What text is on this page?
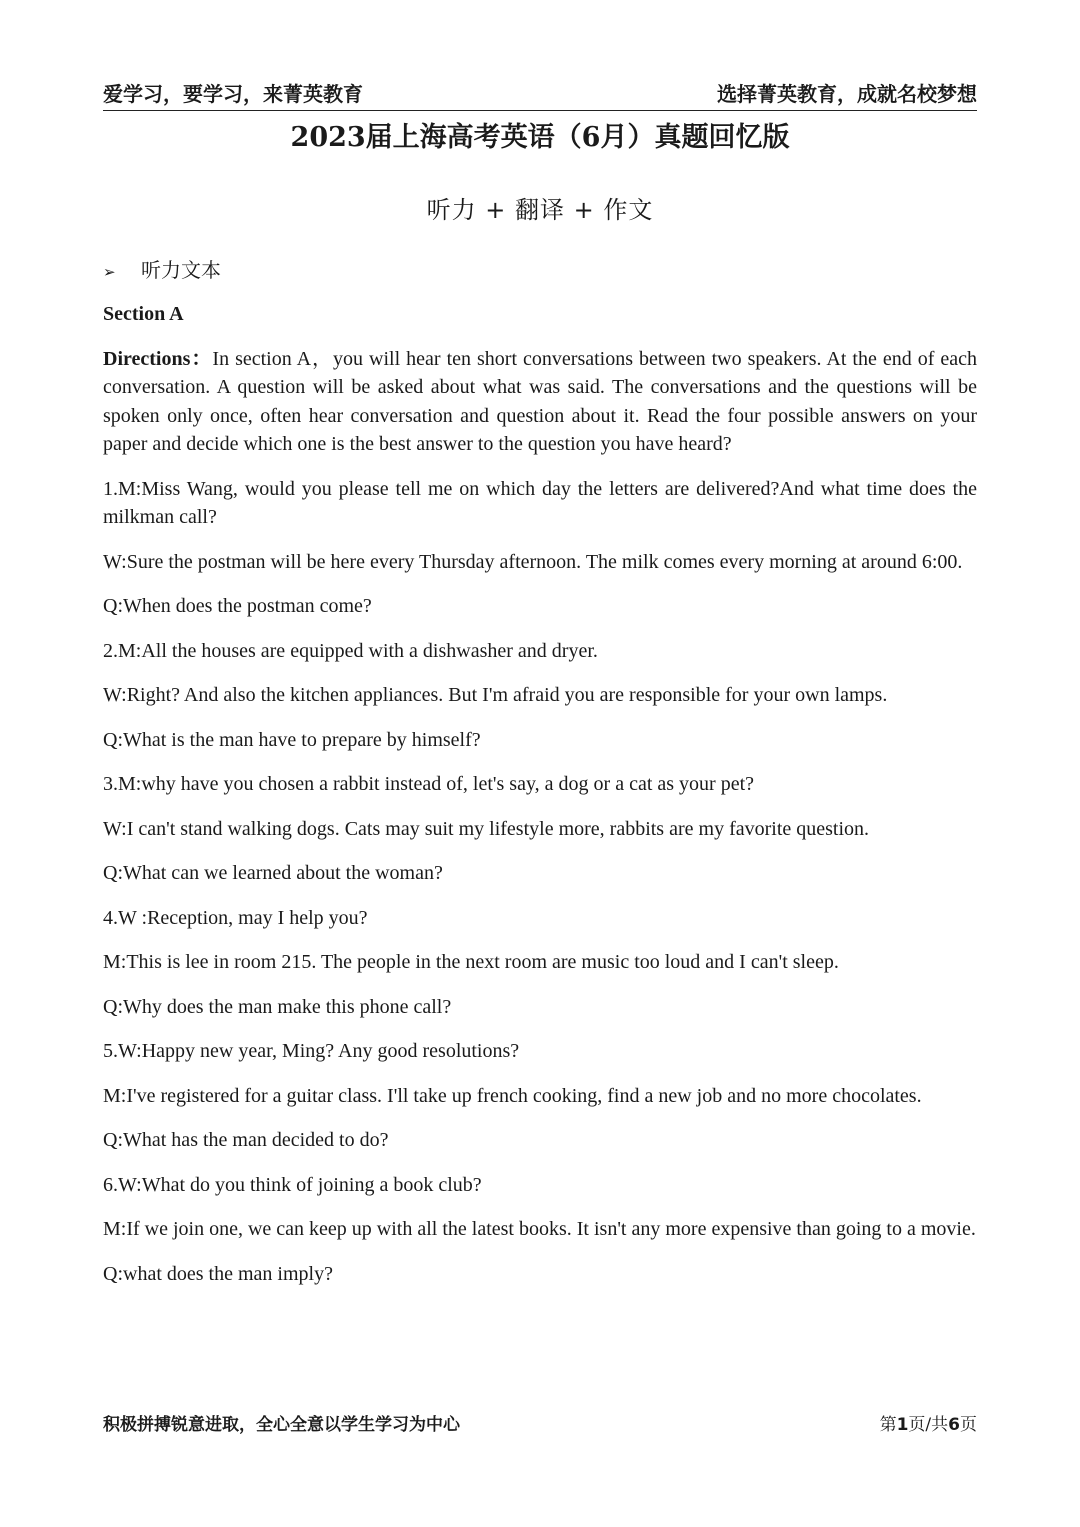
爱学习，要学习，来菁英教育	选择菁英教育，成就名校梦想
2023届上海高考英语（6月）真题回忆版
听力 + 翻译 + 作文
➢ 听力文本

Section A

Directions：In section A，you will hear ten short conversations between two speakers. At the end of each conversation. A question will be asked about what was said. The conversations and the questions will be spoken only once, often hear conversation and question about it. Read the four possible answers on your paper and decide which one is the best answer to the question you have heard?

1.M:Miss Wang, would you please tell me on which day the letters are delivered?And what time does the milkman call?

W:Sure the postman will be here every Thursday afternoon. The milk comes every morning at around 6:00.

Q:When does the postman come?

2.M:All the houses are equipped with a dishwasher and dryer.

W:Right? And also the kitchen appliances. But I'm afraid you are responsible for your own lamps.

Q:What is the man have to prepare by himself?

3.M:why have you chosen a rabbit instead of, let's say, a dog or a cat as your pet?

W:I can't stand walking dogs. Cats may suit my lifestyle more, rabbits are my favorite question.

Q:What can we learned about the woman?

4.W :Reception, may I help you?

M:This is lee in room 215. The people in the next room are music too loud and I can't sleep.

Q:Why does the man make this phone call?

5.W:Happy new year, Ming? Any good resolutions?

M:I've registered for a guitar class. I'll take up french cooking, find a new job and no more chocolates.

Q:What has the man decided to do?

6.W:What do you think of joining a book club?

M:If we join one, we can keep up with all the latest books. It isn't any more expensive than going to a movie.

Q:what does the man imply?

积极拼搏锐意进取，全心全意以学生学习为中心	第1页/共6页
